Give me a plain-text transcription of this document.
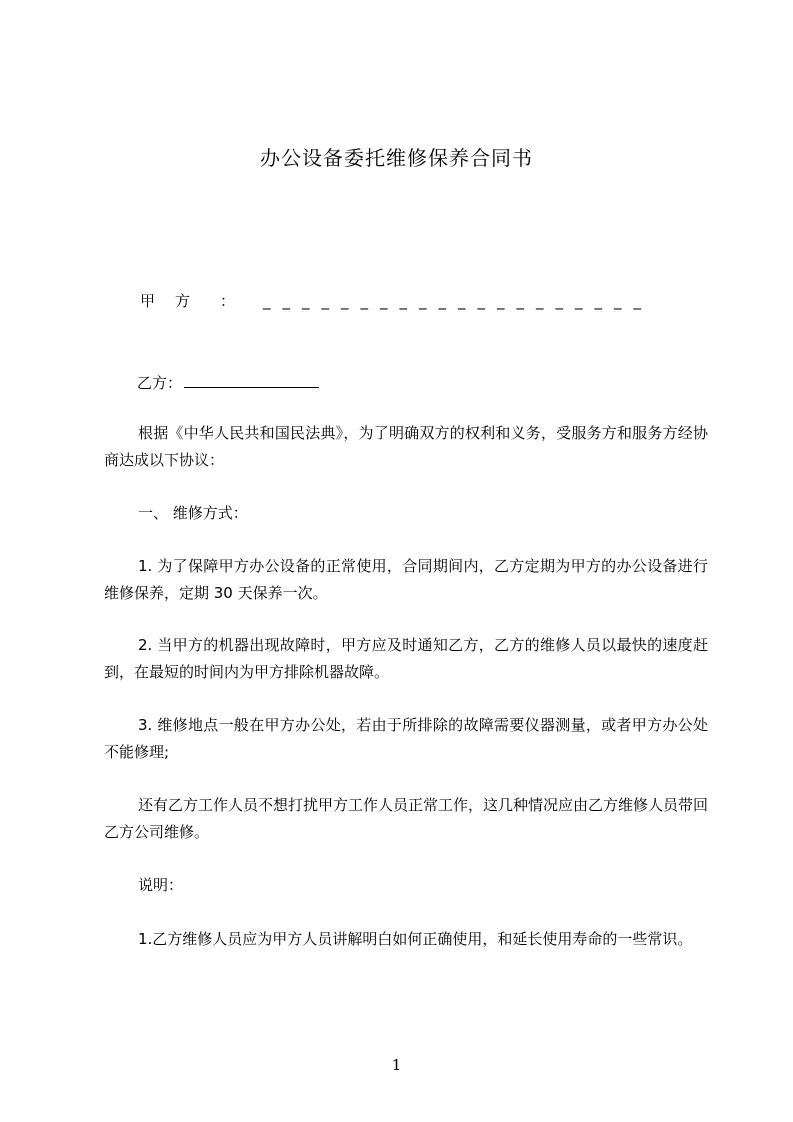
办公设备委托维修保养合同书
甲方 ： ____________________
乙方：
根据《中华人民共和国民法典》，为了明确双方的权利和义务，受服务方和服务方经协商达成以下协议：
一、 维修方式：
1. 为了保障甲方办公设备的正常使用，合同期间内，乙方定期为甲方的办公设备进行维修保养，定期 30 天保养一次。
2. 当甲方的机器出现故障时，甲方应及时通知乙方，乙方的维修人员以最快的速度赶到，在最短的时间内为甲方排除机器故障。
3. 维修地点一般在甲方办公处，若由于所排除的故障需要仪器测量，或者甲方办公处不能修理;
还有乙方工作人员不想打扰甲方工作人员正常工作，这几种情况应由乙方维修人员带回乙方公司维修。
说明：
1.乙方维修人员应为甲方人员讲解明白如何正确使用，和延长使用寿命的一些常识。
1
